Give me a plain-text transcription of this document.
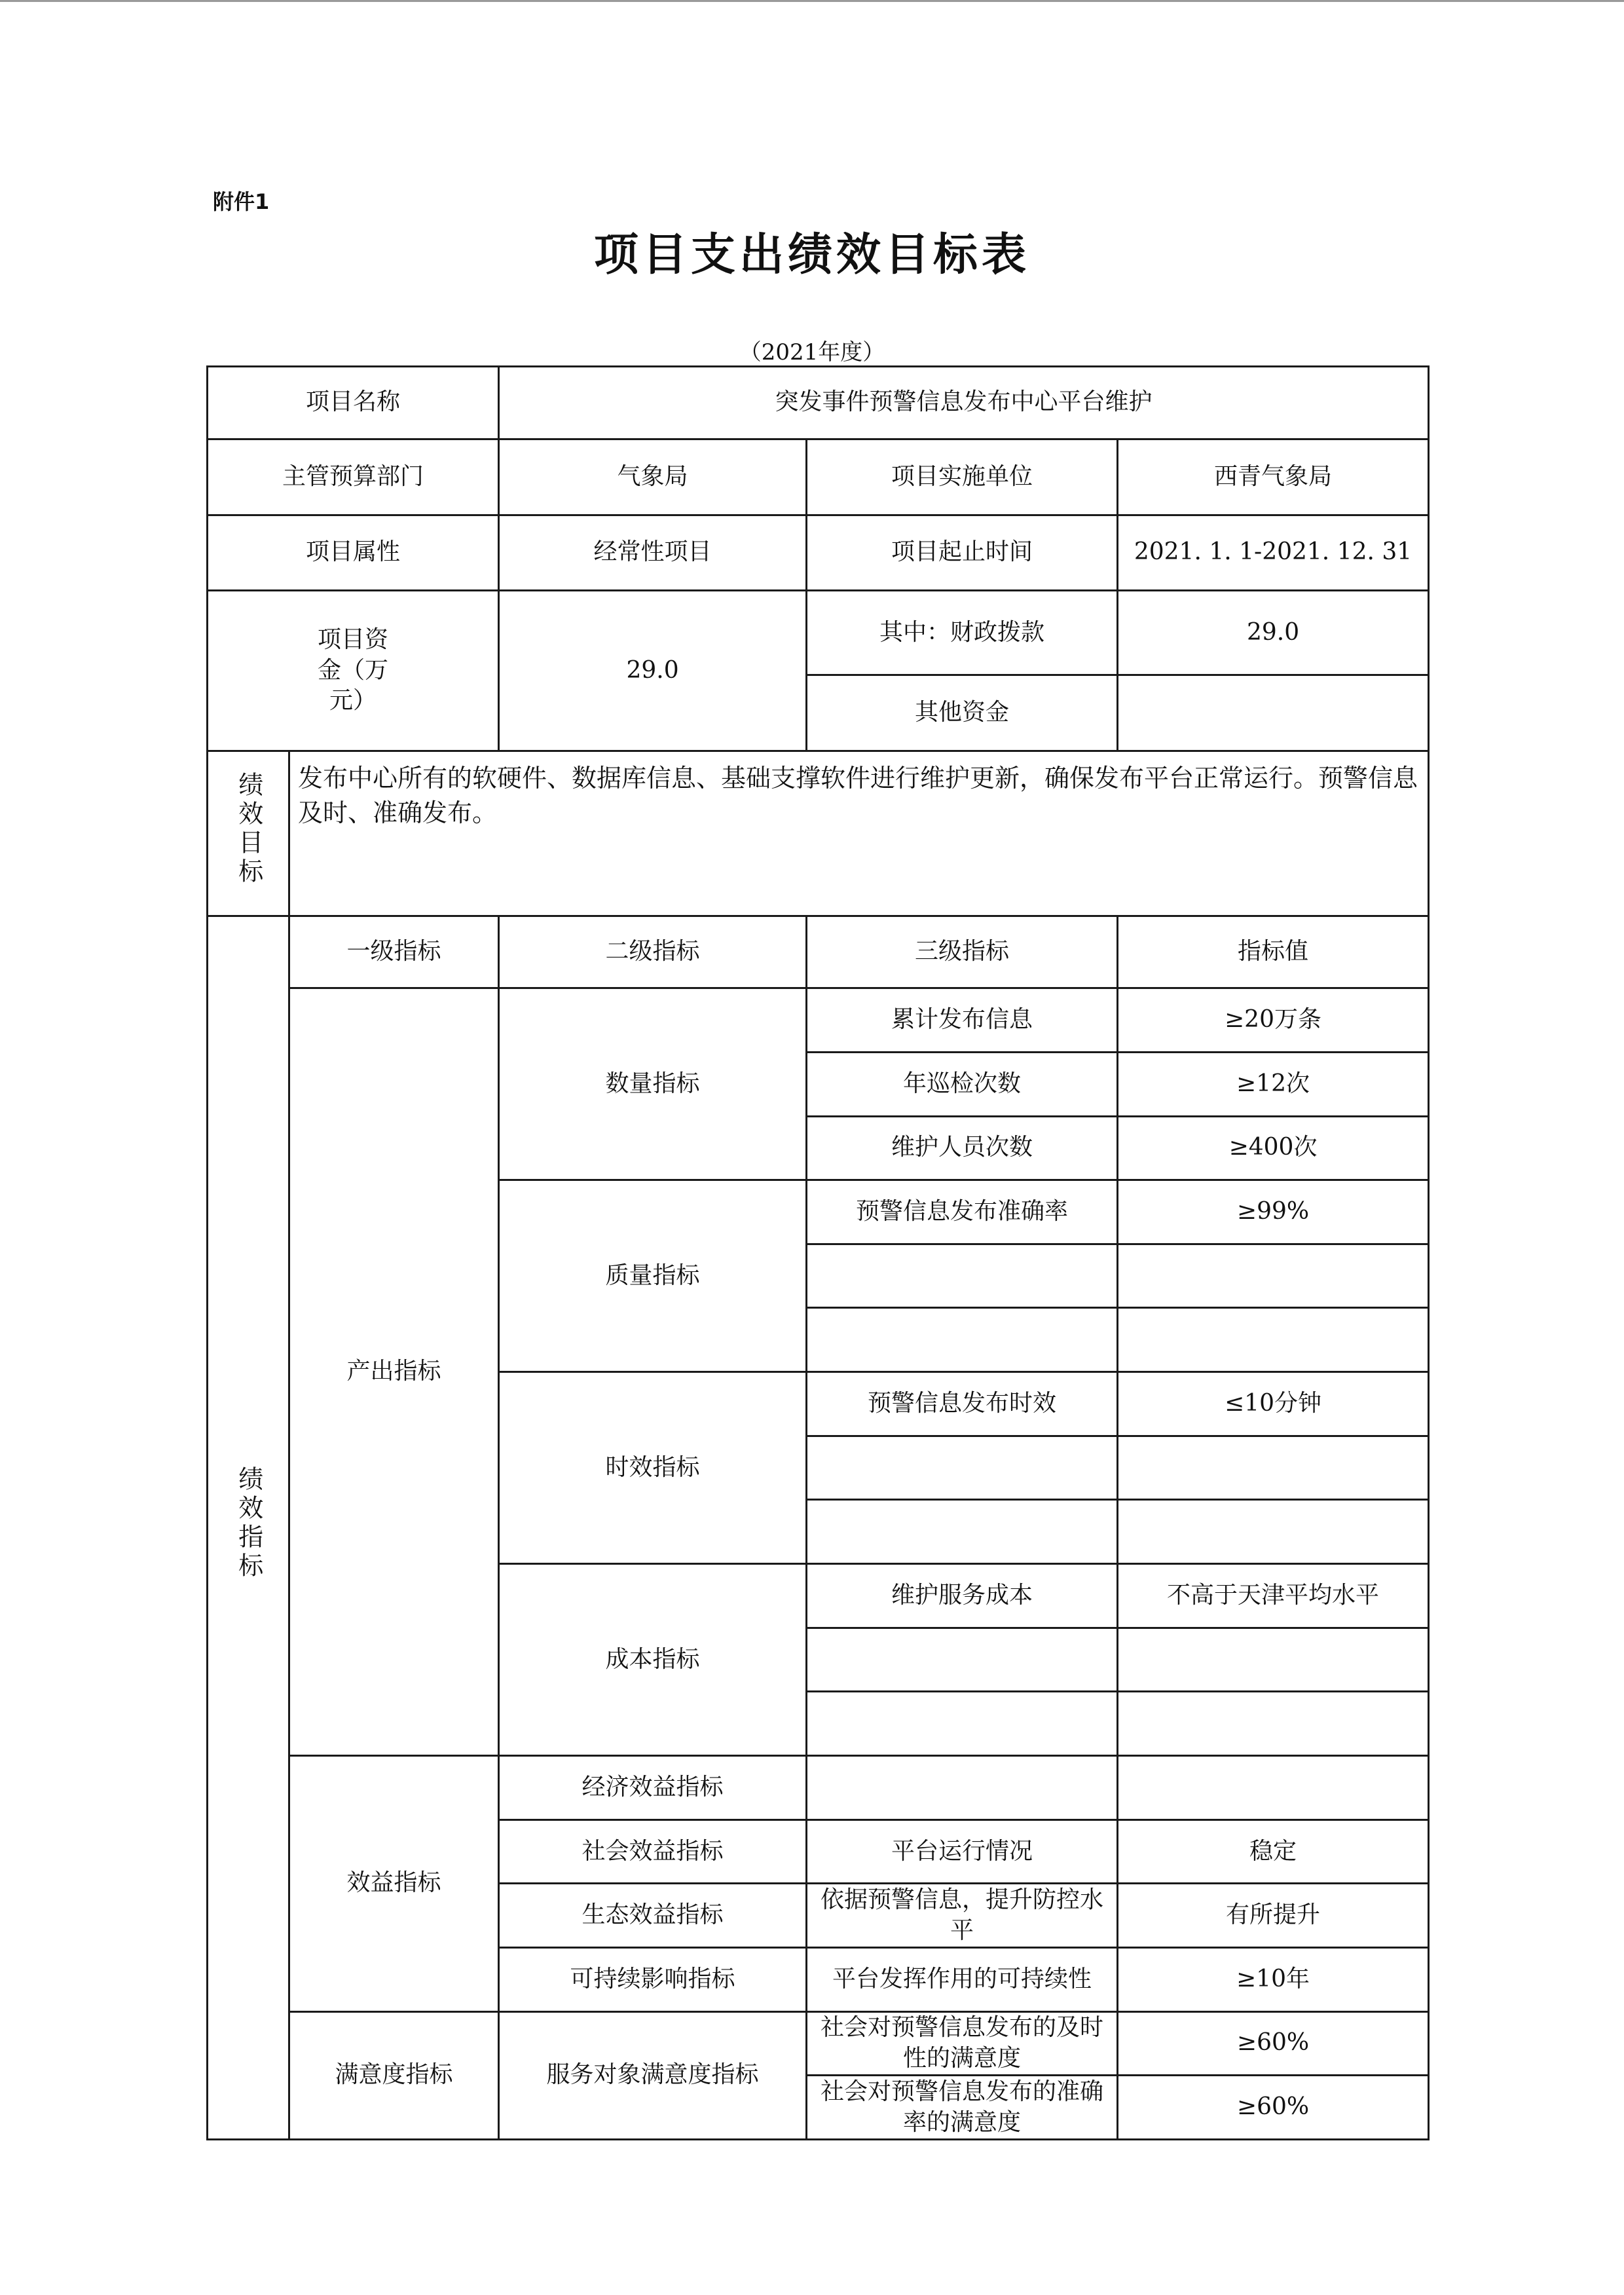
附件1
项目支出绩效目标表
（2021年度）
项目名称		突发事件预警信息发布中心平台维护		
主管预算部门		气象局	项目实施单位	西青气象局
项目属性		经常性项目	项目起止时间	2021. 1. 1-2021. 12. 31
项目资金（万元）		29.0	其中：财政拨款	29.0
			其他资金	
绩效目标	发布中心所有的软硬件、数据库信息、基础支撑软件进行维护更新，确保发布平台正常运行。预警信息及时、准确发布。			
绩效指标	一级指标	二级指标	三级指标	指标值
	产出指标	数量指标	累计发布信息	≥20万条
			年巡检次数	≥12次
			维护人员次数	≥400次
		质量指标	预警信息发布准确率	≥99%

		时效指标	预警信息发布时效	≤10分钟

		成本指标	维护服务成本	不高于天津平均水平

	效益指标	经济效益指标		
		社会效益指标	平台运行情况	稳定
		生态效益指标	依据预警信息，提升防控水平	有所提升
		可持续影响指标	平台发挥作用的可持续性	≥10年
	满意度指标	服务对象满意度指标	社会对预警信息发布的及时性的满意度	≥60%
			社会对预警信息发布的准确率的满意度	≥60%
